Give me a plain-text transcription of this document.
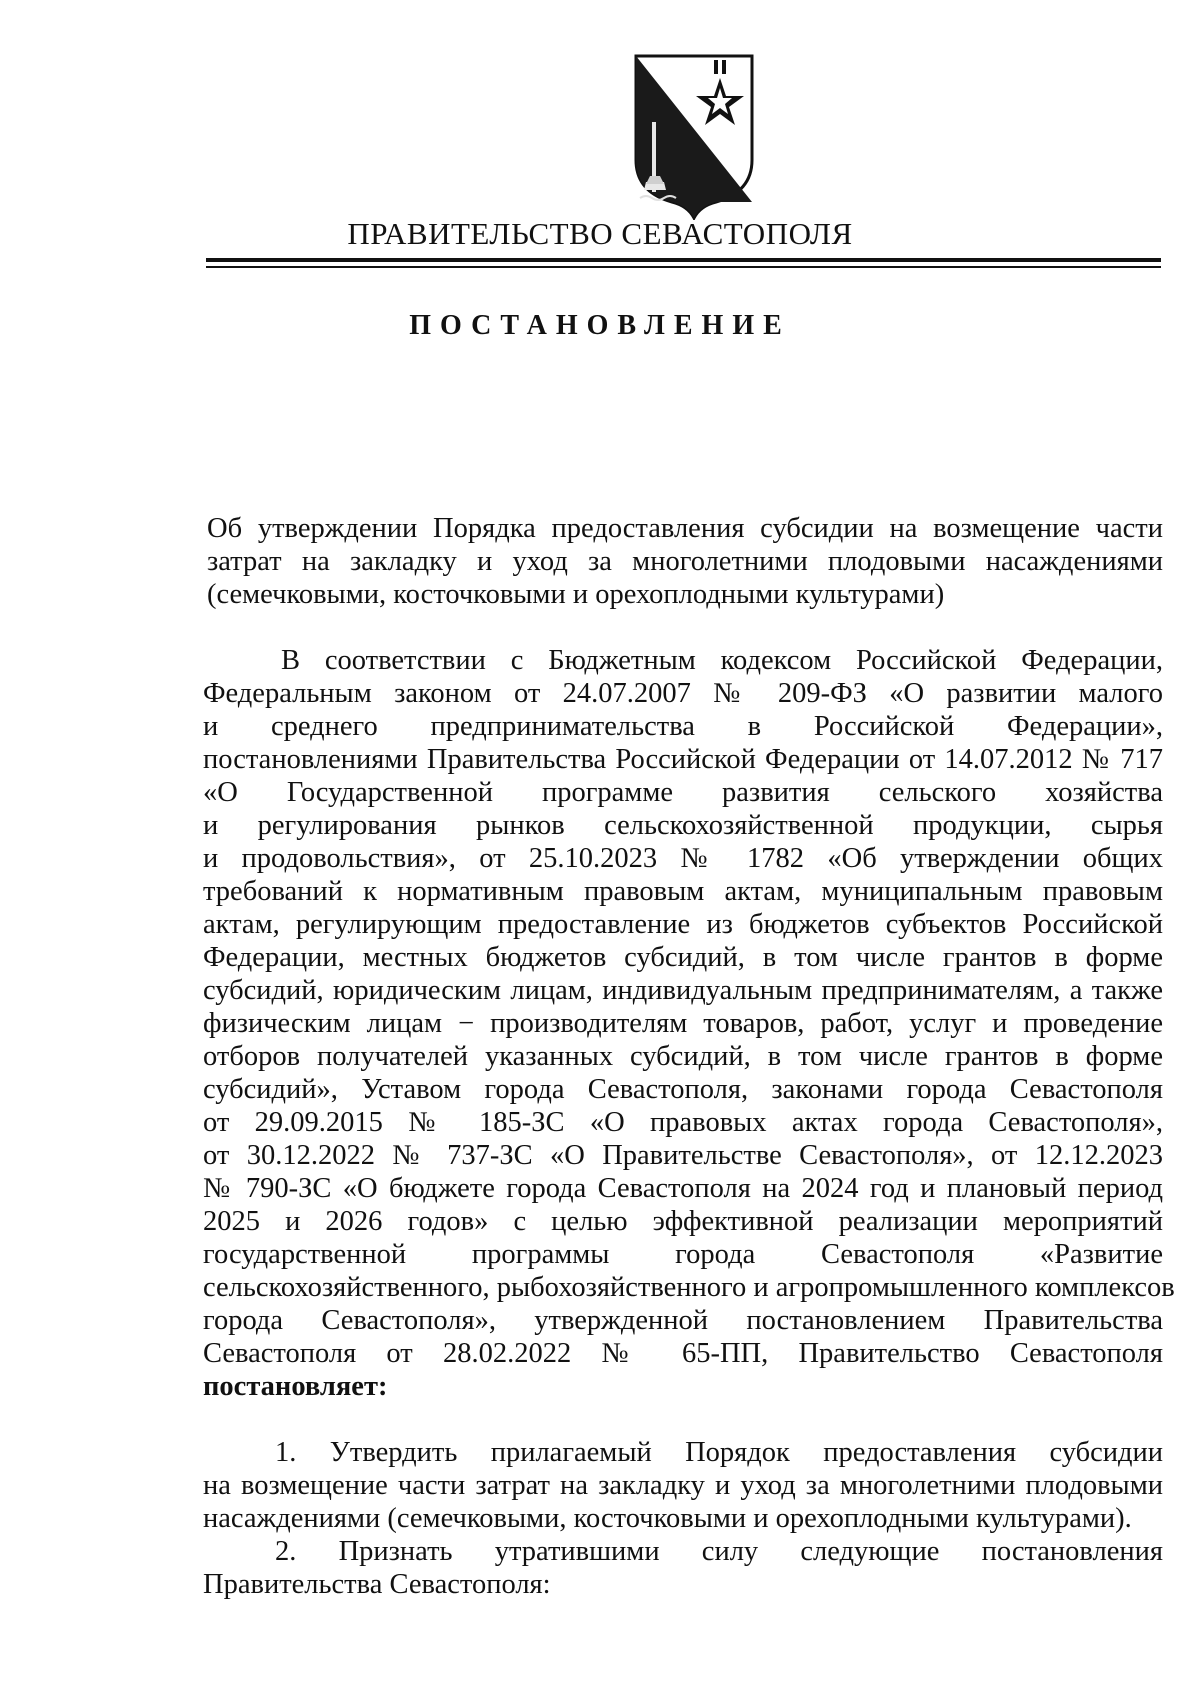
ПРАВИТЕЛЬСТВО СЕВАСТОПОЛЯ
ПОСТАНОВЛЕНИЕ
Об утверждении Порядка предоставления субсидии на возмещение части
затрат на закладку и уход за многолетними плодовыми насаждениями
(семечковыми, косточковыми и орехоплодными культурами)
В соответствии с Бюджетным кодексом Российской Федерации,
Федеральным законом от 24.07.2007 № 209-ФЗ «О развитии малого
и среднего предпринимательства в Российской Федерации»,
постановлениями Правительства Российской Федерации от 14.07.2012 № 717
«О Государственной программе развития сельского хозяйства
и регулирования рынков сельскохозяйственной продукции, сырья
и продовольствия», от 25.10.2023 № 1782 «Об утверждении общих
требований к нормативным правовым актам, муниципальным правовым
актам, регулирующим предоставление из бюджетов субъектов Российской
Федерации, местных бюджетов субсидий, в том числе грантов в форме
субсидий, юридическим лицам, индивидуальным предпринимателям, а также
физическим лицам − производителям товаров, работ, услуг и проведение
отборов получателей указанных субсидий, в том числе грантов в форме
субсидий», Уставом города Севастополя, законами города Севастополя
от 29.09.2015 № 185-ЗС «О правовых актах города Севастополя»,
от 30.12.2022 № 737-ЗС «О Правительстве Севастополя», от 12.12.2023
№ 790-ЗС «О бюджете города Севастополя на 2024 год и плановый период
2025 и 2026 годов» с целью эффективной реализации мероприятий
государственной программы города Севастополя «Развитие
сельскохозяйственного, рыбохозяйственного и агропромышленного комплексов
города Севастополя», утвержденной постановлением Правительства
Севастополя от 28.02.2022 № 65-ПП, Правительство Севастополя
постановляет:
1. Утвердить прилагаемый Порядок предоставления субсидии
на возмещение части затрат на закладку и уход за многолетними плодовыми
насаждениями (семечковыми, косточковыми и орехоплодными культурами).
2. Признать утратившими силу следующие постановления
Правительства Севастополя:
